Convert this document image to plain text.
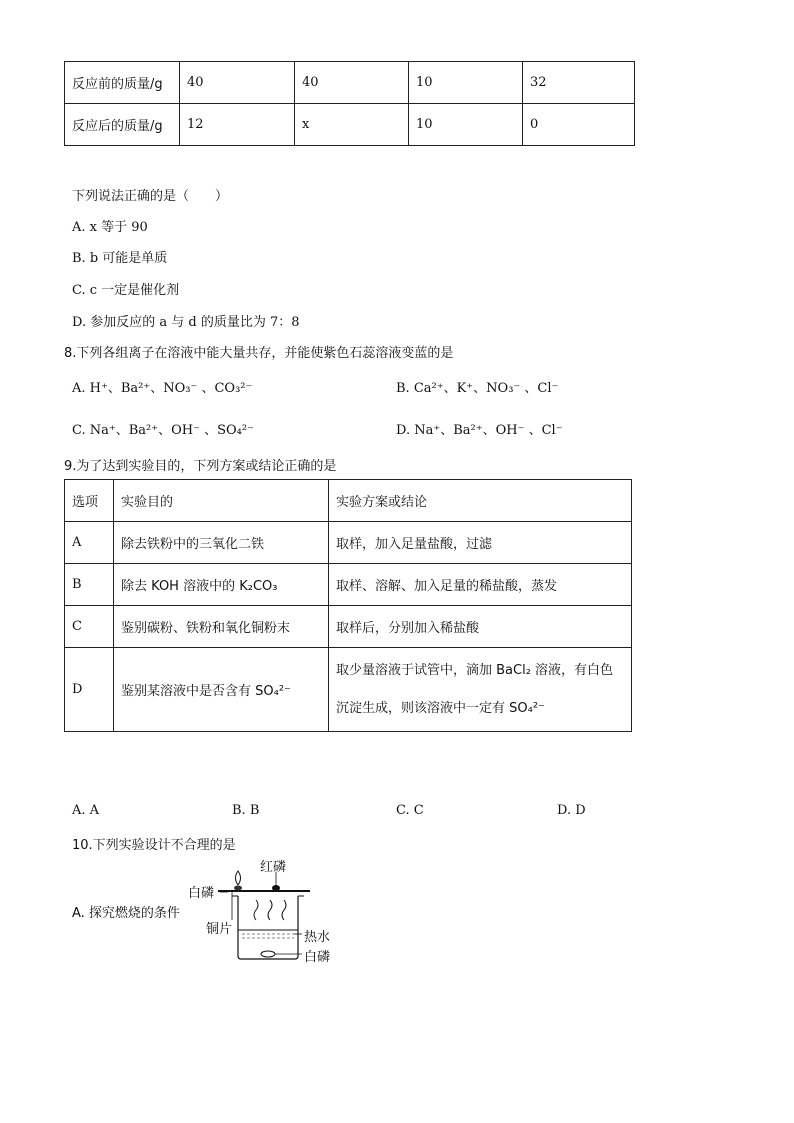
反应前的质量/g	40	40	10	32
反应后的质量/g	12	x	10	0
下列说法正确的是（　　）
A. x 等于 90
B. b 可能是单质
C. c 一定是催化剂
D. 参加反应的 a 与 d 的质量比为 7：8
8.下列各组离子在溶液中能大量共存，并能使紫色石蕊溶液变蓝的是
A. H⁺、Ba²⁺、NO₃⁻ 、CO₃²⁻	B. Ca²⁺、K⁺、NO₃⁻ 、Cl⁻
C. Na⁺、Ba²⁺、OH⁻ 、SO₄²⁻	D. Na⁺、Ba²⁺、OH⁻ 、Cl⁻
9.为了达到实验目的，下列方案或结论正确的是
选项	实验目的	实验方案或结论
A	除去铁粉中的三氧化二铁	取样，加入足量盐酸，过滤
B	除去 KOH 溶液中的 K₂CO₃	取样、溶解、加入足量的稀盐酸，蒸发
C	鉴别碳粉、铁粉和氧化铜粉末	取样后，分别加入稀盐酸
D	鉴别某溶液中是否含有 SO₄²⁻	取少量溶液于试管中，滴加 BaCl₂ 溶液，有白色
沉淀生成，则该溶液中一定有 SO₄²⁻
A. A	B. B	C. C	D. D
10.下列实验设计不合理的是
A. 探究燃烧的条件
红磷
白磷
铜片
热水
白磷
